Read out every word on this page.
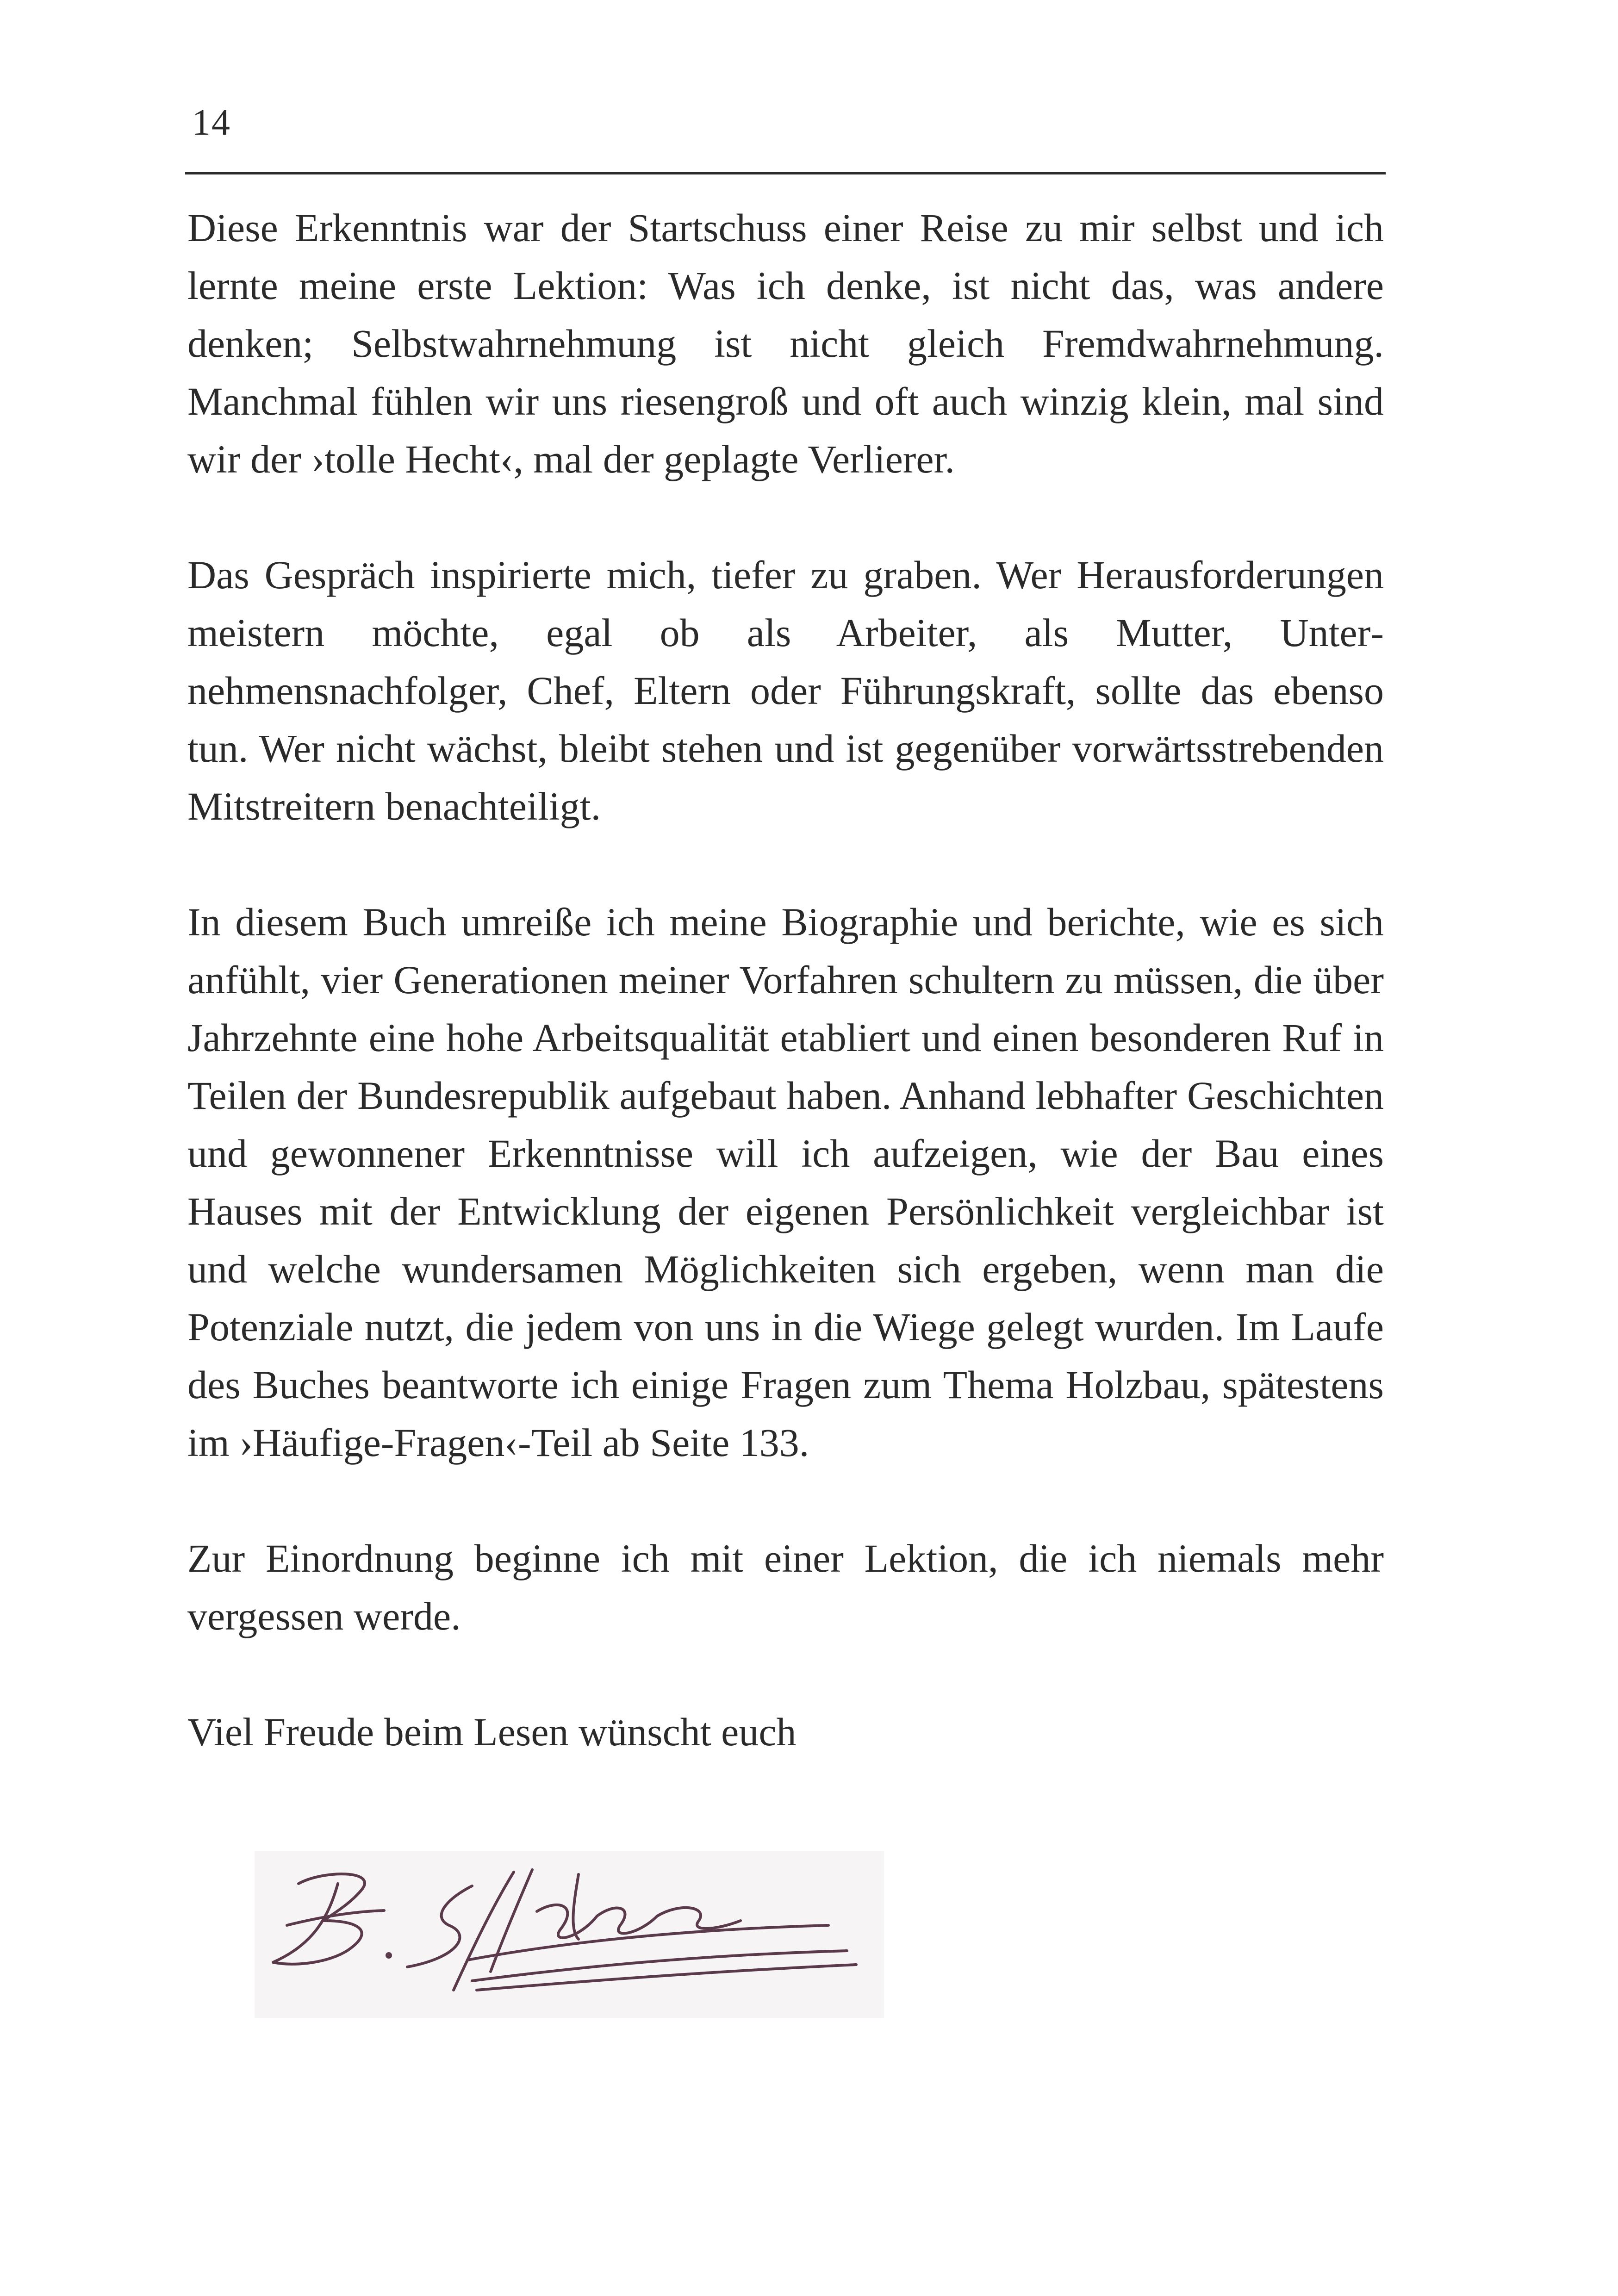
14

Diese Erkenntnis war der Startschuss einer Reise zu mir selbst und ich lernte meine erste Lektion: Was ich denke, ist nicht das, was andere denken; Selbstwahrnehmung ist nicht gleich Fremdwahrnehmung. Manchmal fühlen wir uns riesengroß und oft auch winzig klein, mal sind wir der ›tolle Hecht‹, mal der geplagte Verlierer.

Das Gespräch inspirierte mich, tiefer zu graben. Wer Herausforderungen meistern möchte, egal ob als Arbeiter, als Mutter, Unternehmensnachfolger, Chef, Eltern oder Führungskraft, sollte das ebenso tun. Wer nicht wächst, bleibt stehen und ist gegenüber vorwärtsstrebenden Mitstreitern benachteiligt.

In diesem Buch umreiße ich meine Biographie und berichte, wie es sich anfühlt, vier Generationen meiner Vorfahren schultern zu müssen, die über Jahrzehnte eine hohe Arbeitsqualität etabliert und einen besonderen Ruf in Teilen der Bundesrepublik aufgebaut haben. Anhand lebhafter Geschichten und gewonnener Erkenntnisse will ich aufzeigen, wie der Bau eines Hauses mit der Entwicklung der eigenen Persönlichkeit vergleichbar ist und welche wundersamen Möglichkeiten sich ergeben, wenn man die Potenziale nutzt, die jedem von uns in die Wiege gelegt wurden. Im Laufe des Buches beantworte ich einige Fragen zum Thema Holzbau, spätestens im ›Häufige-Fragen‹-Teil ab Seite 133.

Zur Einordnung beginne ich mit einer Lektion, die ich niemals mehr vergessen werde.

Viel Freude beim Lesen wünscht euch
